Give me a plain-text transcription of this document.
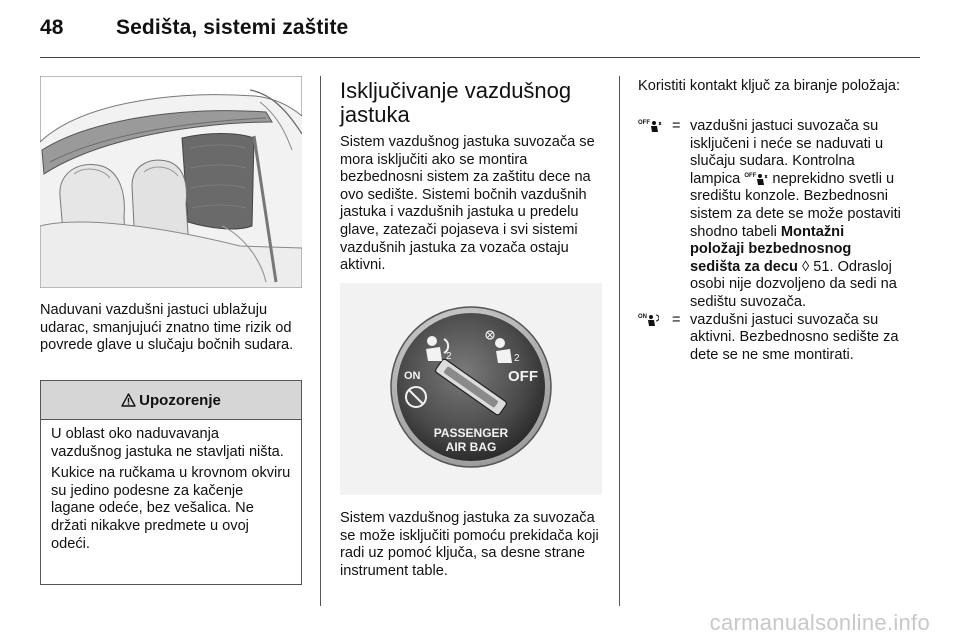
48 Sedišta, sistemi zaštite

Naduvani vazdušni jastuci ublažuju udarac, smanjujući znatno time rizik od povrede glave u slučaju bočnih sudara.

Upozorenje

U oblast oko naduvavanja vazdušnog jastuka ne stavljati ništa.

Kukice na ručkama u krovnom okviru su jedino podesne za kačenje lagane odeće, bez vešalica. Ne držati nikakve predmete u ovoj odeći.

Isključivanje vazdušnog jastuka

Sistem vazdušnog jastuka suvozača se mora isključiti ako se montira bezbednosni sistem za zaštitu dece na ovo sedište. Sistemi bočnih vazdušnih jastuka i vazdušnih jastuka u predelu glave, zatezači pojaseva i svi sistemi vazdušnih jastuka za vozača ostaju aktivni.

2	2
ON	OFF
PASSENGER
AIR BAG

Sistem vazdušnog jastuka za suvozača se može isključiti pomoću prekidača koji radi uz pomoć ključa, sa desne strane instrument table.

Koristiti kontakt ključ za biranje položaja:

OFF = vazdušni jastuci suvozača su isključeni i neće se naduvati u slučaju sudara. Kontrolna lampica OFF neprekidno svetli u središtu konzole. Bezbednosni sistem za dete se može postaviti shodno tabeli Montažni položaji bezbednosnog sedišta za decu ◊ 51. Odrasloj osobi nije dozvoljeno da sedi na sedištu suvozača.
ON = vazdušni jastuci suvozača su aktivni. Bezbednosno sedište za dete se ne sme montirati.
carmanualsonline.info
